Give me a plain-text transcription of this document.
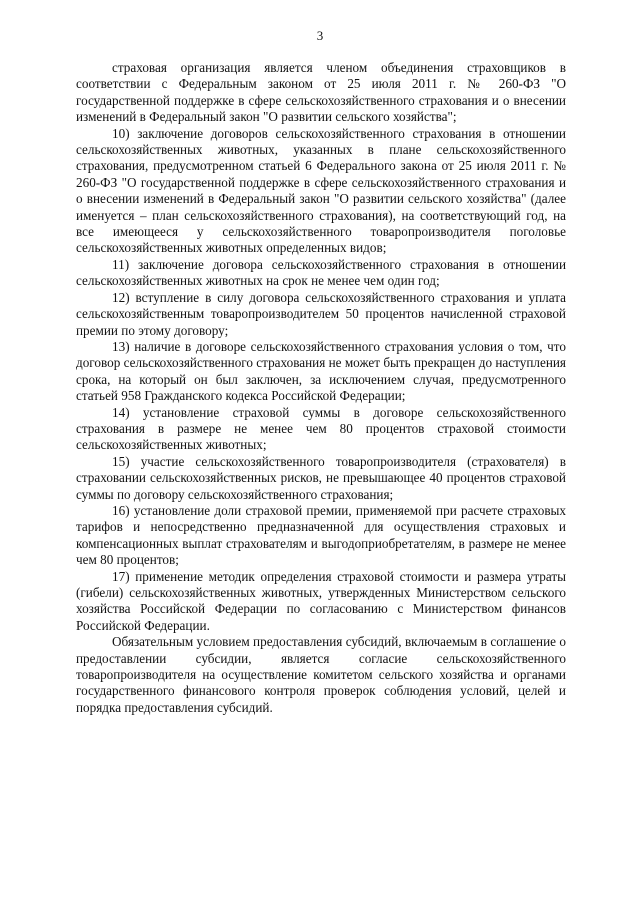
3

страховая организация является членом объединения страховщиков в соответствии с Федеральным законом от 25 июля 2011 г. № 260-ФЗ "О государственной поддержке в сфере сельскохозяйственного страхования и о внесении изменений в Федеральный закон "О развитии сельского хозяйства";

10) заключение договоров сельскохозяйственного страхования в отношении сельскохозяйственных животных, указанных в плане сельскохозяйственного страхования, предусмотренном статьей 6 Федерального закона от 25 июля 2011 г. № 260-ФЗ "О государственной поддержке в сфере сельскохозяйственного страхования и о внесении изменений в Федеральный закон "О развитии сельского хозяйства" (далее именуется – план сельскохозяйственного страхования), на соответствующий год, на все имеющееся у сельскохозяйственного товаропроизводителя поголовье сельскохозяйственных животных определенных видов;

11) заключение договора сельскохозяйственного страхования в отношении сельскохозяйственных животных на срок не менее чем один год;

12) вступление в силу договора сельскохозяйственного страхования и уплата сельскохозяйственным товаропроизводителем 50 процентов начисленной страховой премии по этому договору;

13) наличие в договоре сельскохозяйственного страхования условия о том, что договор сельскохозяйственного страхования не может быть прекращен до наступления срока, на который он был заключен, за исключением случая, предусмотренного статьей 958 Гражданского кодекса Российской Федерации;

14) установление страховой суммы в договоре сельскохозяйственного страхования в размере не менее чем 80 процентов страховой стоимости сельскохозяйственных животных;

15) участие сельскохозяйственного товаропроизводителя (страхователя) в страховании сельскохозяйственных рисков, не превышающее 40 процентов страховой суммы по договору сельскохозяйственного страхования;

16) установление доли страховой премии, применяемой при расчете страховых тарифов и непосредственно предназначенной для осуществления страховых и компенсационных выплат страхователям и выгодоприобретателям, в размере не менее чем 80 процентов;

17) применение методик определения страховой стоимости и размера утраты (гибели) сельскохозяйственных животных, утвержденных Министерством сельского хозяйства Российской Федерации по согласованию с Министерством финансов Российской Федерации.

Обязательным условием предоставления субсидий, включаемым в соглашение о предоставлении субсидии, является согласие сельскохозяйственного товаропроизводителя на осуществление комитетом сельского хозяйства и органами государственного финансового контроля проверок соблюдения условий, целей и порядка предоставления субсидий.
